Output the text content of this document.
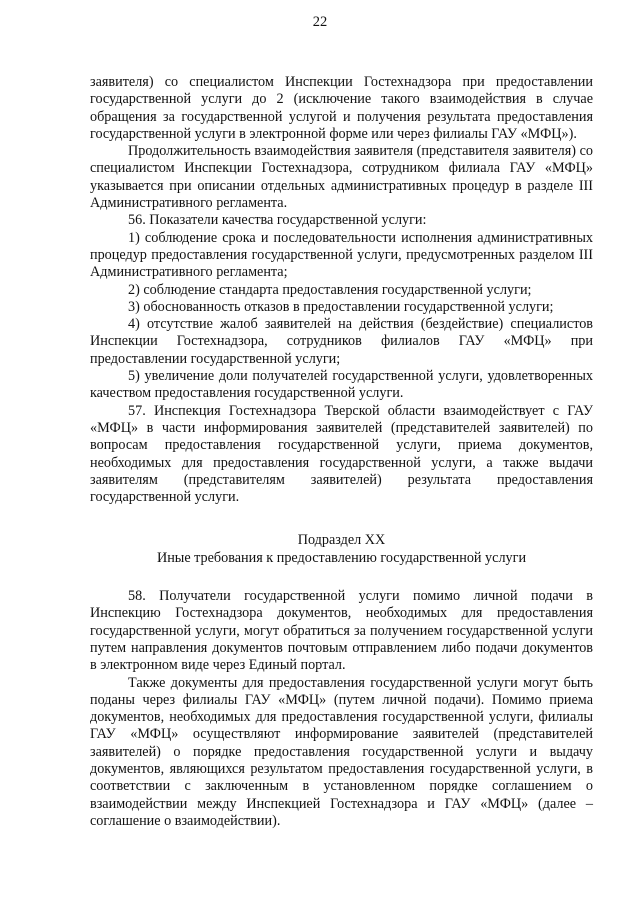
22

заявителя) со специалистом Инспекции Гостехнадзора при предоставлении государственной услуги до 2 (исключение такого взаимодействия в случае обращения за государственной услугой и получения результата предоставления государственной услуги в электронной форме или через филиалы ГАУ «МФЦ»).

Продолжительность взаимодействия заявителя (представителя заявителя) со специалистом Инспекции Гостехнадзора, сотрудником филиала ГАУ «МФЦ» указывается при описании отдельных административных процедур в разделе III Административного регламента.

56. Показатели качества государственной услуги:

1) соблюдение срока и последовательности исполнения административных процедур предоставления государственной услуги, предусмотренных разделом III Административного регламента;

2) соблюдение стандарта предоставления государственной услуги;

3) обоснованность отказов в предоставлении государственной услуги;

4) отсутствие жалоб заявителей на действия (бездействие) специалистов Инспекции Гостехнадзора, сотрудников филиалов ГАУ «МФЦ» при предоставлении государственной услуги;

5) увеличение доли получателей государственной услуги, удовлетворенных качеством предоставления государственной услуги.

57. Инспекция Гостехнадзора Тверской области взаимодействует с ГАУ «МФЦ» в части информирования заявителей (представителей заявителей) по вопросам предоставления государственной услуги, приема документов, необходимых для предоставления государственной услуги, а также выдачи заявителям (представителям заявителей) результата предоставления государственной услуги.

Подраздел XX

Иные требования к предоставлению государственной услуги

58. Получатели государственной услуги помимо личной подачи в Инспекцию Гостехнадзора документов, необходимых для предоставления государственной услуги, могут обратиться за получением государственной услуги путем направления документов почтовым отправлением либо подачи документов в электронном виде через Единый портал.

Также документы для предоставления государственной услуги могут быть поданы через филиалы ГАУ «МФЦ» (путем личной подачи). Помимо приема документов, необходимых для предоставления государственной услуги, филиалы ГАУ «МФЦ» осуществляют информирование заявителей (представителей заявителей) о порядке предоставления государственной услуги и выдачу документов, являющихся результатом предоставления государственной услуги, в соответствии с заключенным в установленном порядке соглашением о взаимодействии между Инспекцией Гостехнадзора и ГАУ «МФЦ» (далее – соглашение о взаимодействии).
